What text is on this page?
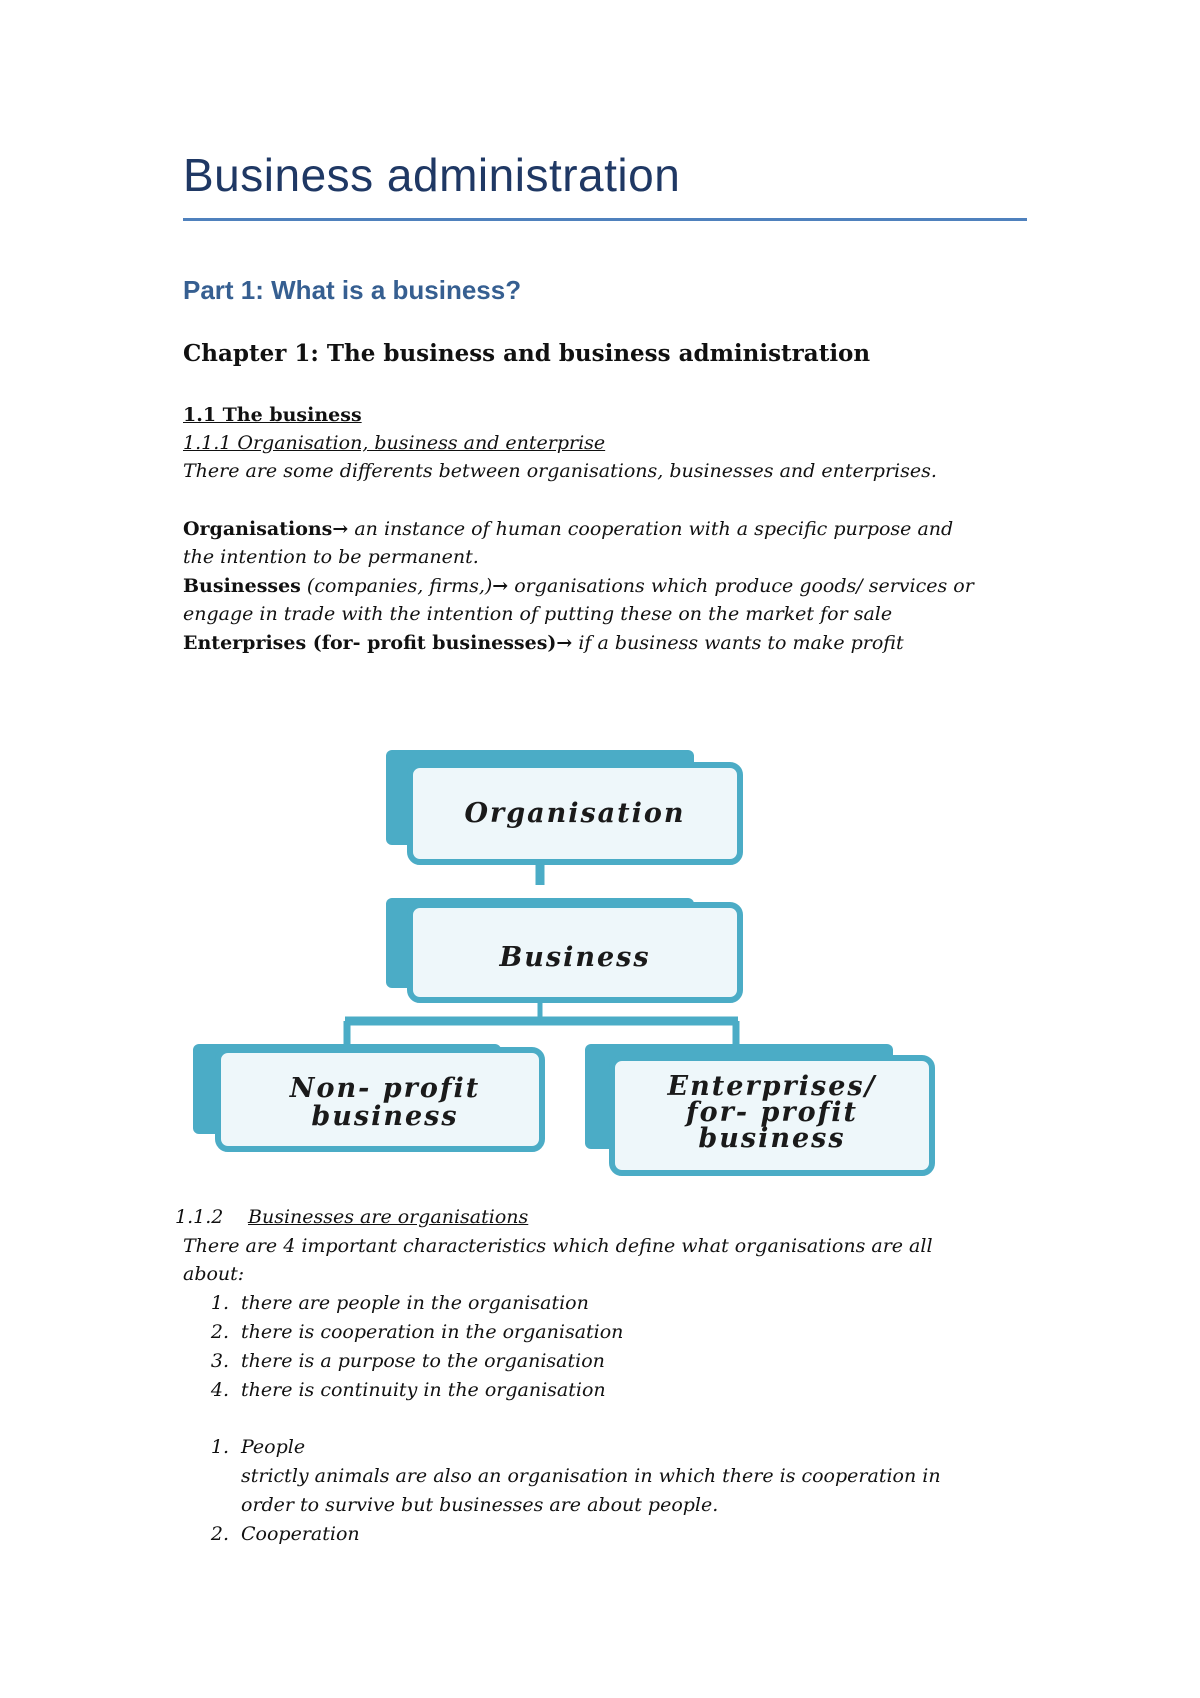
Business administration
Part 1: What is a business?
Chapter 1: The business and business administration
1.1 The business
1.1.1 Organisation, business and enterprise
There are some differents between organisations, businesses and enterprises.
Organisations→ an instance of human cooperation with a specific purpose and
the intention to be permanent.
Businesses (companies, firms,)→ organisations which produce goods/ services or
engage in trade with the intention of putting these on the market for sale
Enterprises (for- profit businesses)→ if a business wants to make profit
Organisation
Business
Non- profit
business
Enterprises/
for- profit
business
1.1.2 Businesses are organisations
There are 4 important characteristics which define what organisations are all
about:
1. there are people in the organisation
2. there is cooperation in the organisation
3. there is a purpose to the organisation
4. there is continuity in the organisation
1. People
strictly animals are also an organisation in which there is cooperation in
order to survive but businesses are about people.
2. Cooperation
